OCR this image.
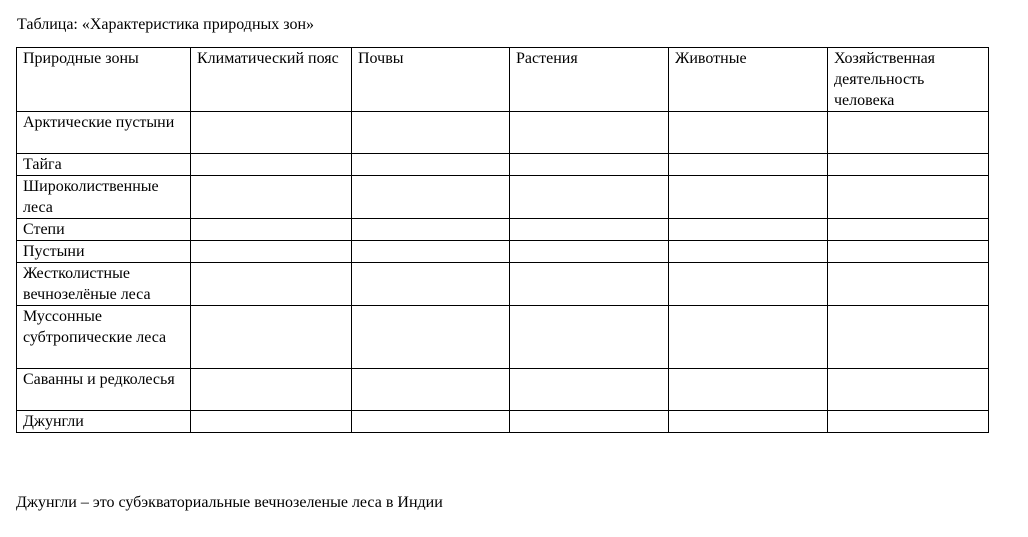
Таблица: «Характеристика природных зон»

Природные зоны	Климатический пояс	Почвы	Растения	Животные	Хозяйственная деятельность человека
Арктические пустыни					
Тайга					
Широколиственные леса					
Степи					
Пустыни					
Жестколистные вечнозелёные леса					
Муссонные субтропические леса					
Саванны и редколесья					
Джунгли					

Джунгли – это субэкваториальные вечнозеленые леса в Индии
